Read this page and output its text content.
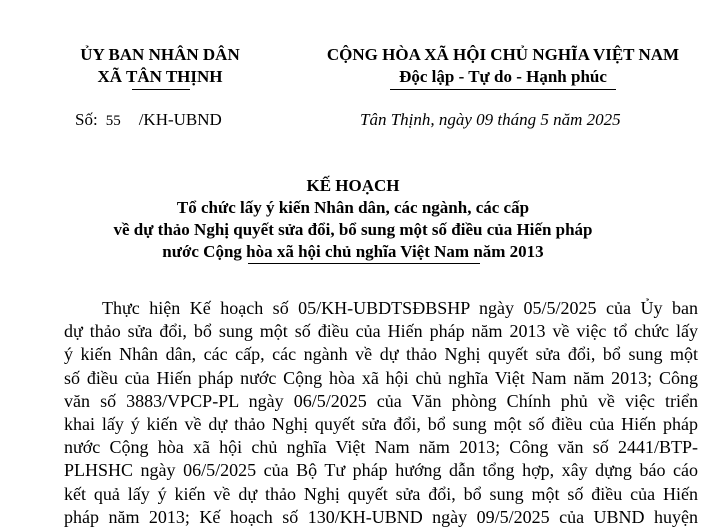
ỦY BAN NHÂN DÂN
XÃ TÂN THỊNH
CỘNG HÒA XÃ HỘI CHỦ NGHĨA VIỆT NAM
Độc lập - Tự do - Hạnh phúc
Số: 55 /KH-UBND	Tân Thịnh, ngày 09 tháng 5 năm 2025
KẾ HOẠCH
Tổ chức lấy ý kiến Nhân dân, các ngành, các cấp
về dự thảo Nghị quyết sửa đổi, bổ sung một số điều của Hiến pháp
nước Cộng hòa xã hội chủ nghĩa Việt Nam năm 2013
Thực hiện Kế hoạch số 05/KH-UBDTSĐBSHP ngày 05/5/2025 của Ủy ban
dự thảo sửa đổi, bổ sung một số điều của Hiến pháp năm 2013 về việc tổ chức lấy
ý kiến Nhân dân, các cấp, các ngành về dự thảo Nghị quyết sửa đổi, bổ sung một
số điều của Hiến pháp nước Cộng hòa xã hội chủ nghĩa Việt Nam năm 2013; Công
văn số 3883/VPCP-PL ngày 06/5/2025 của Văn phòng Chính phủ về việc triển
khai lấy ý kiến về dự thảo Nghị quyết sửa đổi, bổ sung một số điều của Hiến pháp
nước Cộng hòa xã hội chủ nghĩa Việt Nam năm 2013; Công văn số 2441/BTP-
PLHSHC ngày 06/5/2025 của Bộ Tư pháp hướng dẫn tổng hợp, xây dựng báo cáo
kết quả lấy ý kiến về dự thảo Nghị quyết sửa đổi, bổ sung một số điều của Hiến
pháp năm 2013; Kế hoạch số 130/KH-UBND ngày 09/5/2025 của UBND huyện
